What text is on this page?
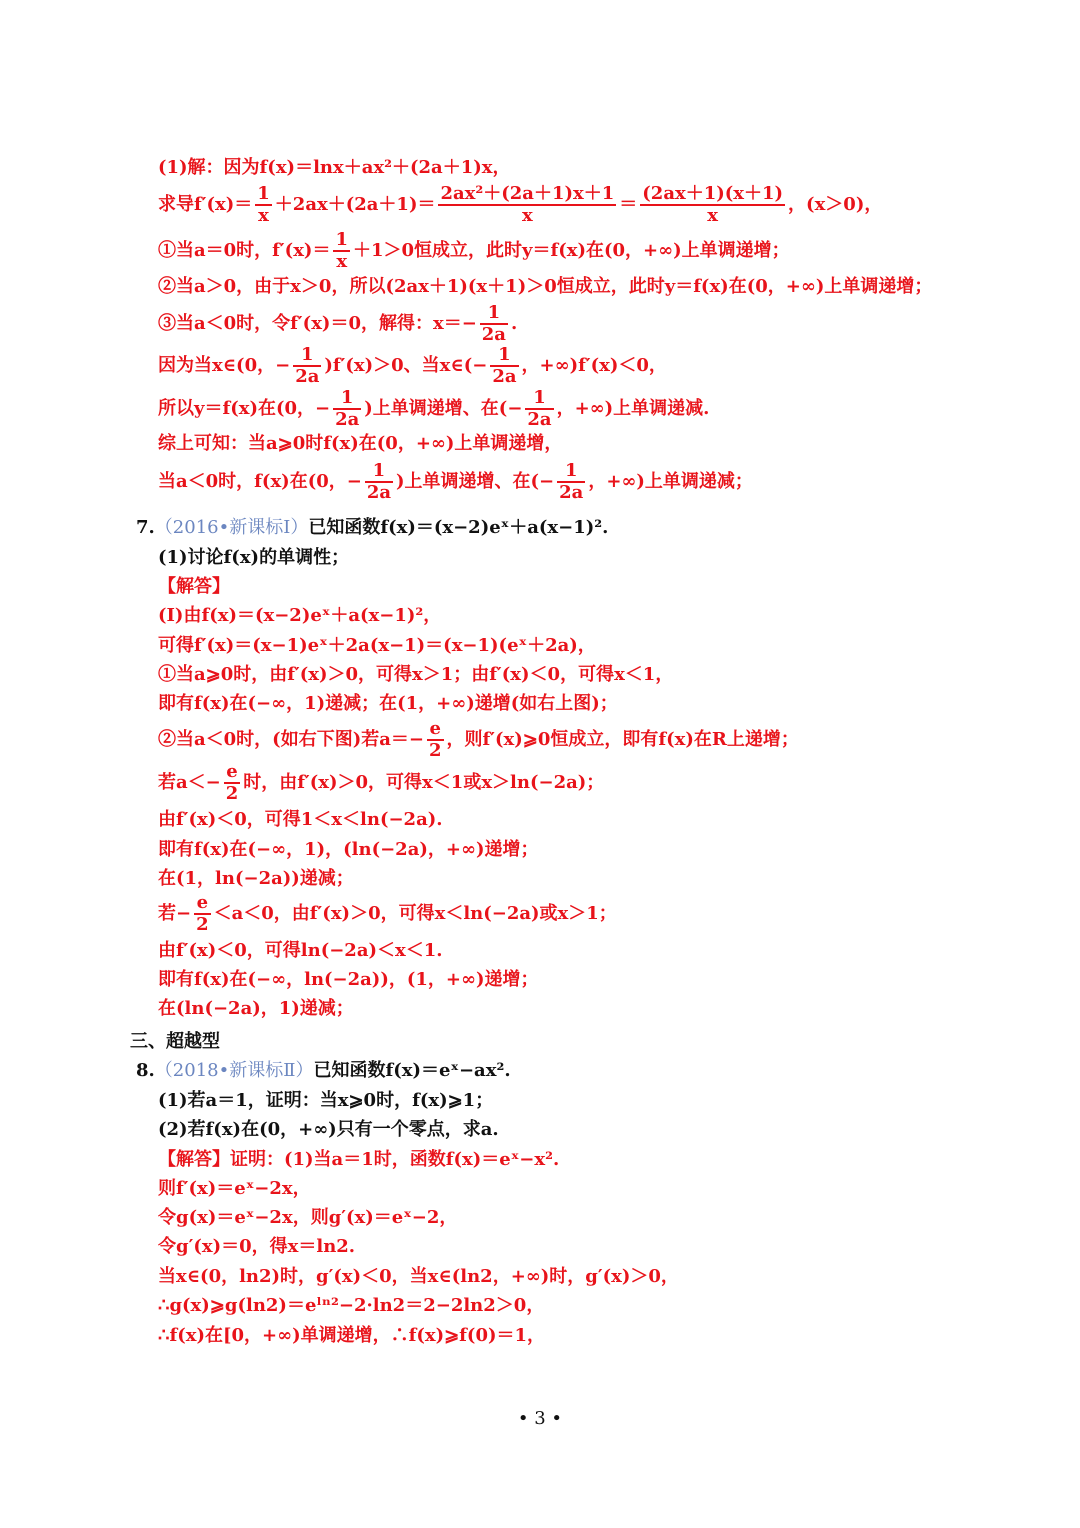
(1)解：因为f(x)＝lnx＋ax²＋(2a＋1)x，
求导$f'(x)= \frac{1}{x} +2ax+(2a+1)= \frac{\text{2ax²＋(2a＋1)x＋1}}{x} = \frac{(2ax+1)(x+1)}{x}$ ，(x＞0)，
①当a＝0时，$f'(x)= \frac{1}{x} +1>0$恒成立，此时y＝f(x)在(0，+∞)上单调递增；
②当a＞0，由于x＞0，所以(2ax＋1)(x＋1)＞0恒成立，此时y＝f(x)在(0，+∞)上单调递增；
③当a＜0时，令f′(x)＝0，解得：$x=- \frac{1}{2a}$ .
因为当x∈(0，− $\frac{1}{2a} )f'(x)>0$、当x∈(− $\frac{1}{2a}$ ，+∞)f′(x)＜0，
所以y＝f(x)在(0，− $\frac{1}{2a}$ )上单调递增、在(− $\frac{1}{2a}$ ，+∞)上单调递减.
综上可知：当a⩾0时f(x)在(0，+∞)上单调递增，
当a＜0时，f(x)在(0，− $\frac{1}{2a}$ )上单调递增、在(− $\frac{1}{2a}$ ，+∞)上单调递减；
7.（2016•新课标Ⅰ）已知函数f(x)＝(x−2)eˣ＋a(x−1)².
(1)讨论f(x)的单调性；
【解答】
(Ⅰ)由f(x)＝(x−2)eˣ＋a(x−1)²，
可得f′(x)＝(x−1)eˣ＋2a(x−1)＝(x−1)(eˣ＋2a)，
①当a⩾0时，由f′(x)＞0，可得x＞1；由f′(x)＜0，可得x＜1，
即有f(x)在(−∞，1)递减；在(1，+∞)递增(如右上图)；
②当a＜0时，(如右下图)若$a=- \frac{e}{2}$ ，则f′(x)⩾0恒成立，即有f(x)在R上递增；
若$a<- \frac{e}{2}$ 时，由f′(x)＞0，可得x＜1或x＞ln(−2a)；
由f′(x)＜0，可得1＜x＜ln(−2a).
即有f(x)在(−∞，1)，(ln(−2a)，+∞)递增；
在(1，ln(−2a))递减；
若− $\frac{e}{2} <a<0$，由f′(x)＞0，可得x＜ln(−2a)或x＞1；
由f′(x)＜0，可得ln(−2a)＜x＜1.
即有f(x)在(−∞，ln(−2a))，(1，+∞)递增；
在(ln(−2a)，1)递减；
三、超越型
8.（2018•新课标Ⅱ）已知函数f(x)＝eˣ−ax².
(1)若a＝1，证明：当x⩾0时，f(x)⩾1；
(2)若f(x)在(0，+∞)只有一个零点，求a.
【解答】证明：(1)当a＝1时，函数f(x)＝eˣ−x².
则f′(x)＝eˣ−2x，
令g(x)＝eˣ−2x，则g′(x)＝eˣ−2，
令g′(x)＝0，得x＝ln2.
当x∈(0，ln2)时，g′(x)＜0，当x∈(ln2，+∞)时，g′(x)＞0，
∴g(x)⩾g(ln2)＝eˡⁿ²−2·ln2＝2−2ln2＞0，
∴f(x)在[0，+∞)单调递增，∴f(x)⩾f(0)＝1，
• 3 •
